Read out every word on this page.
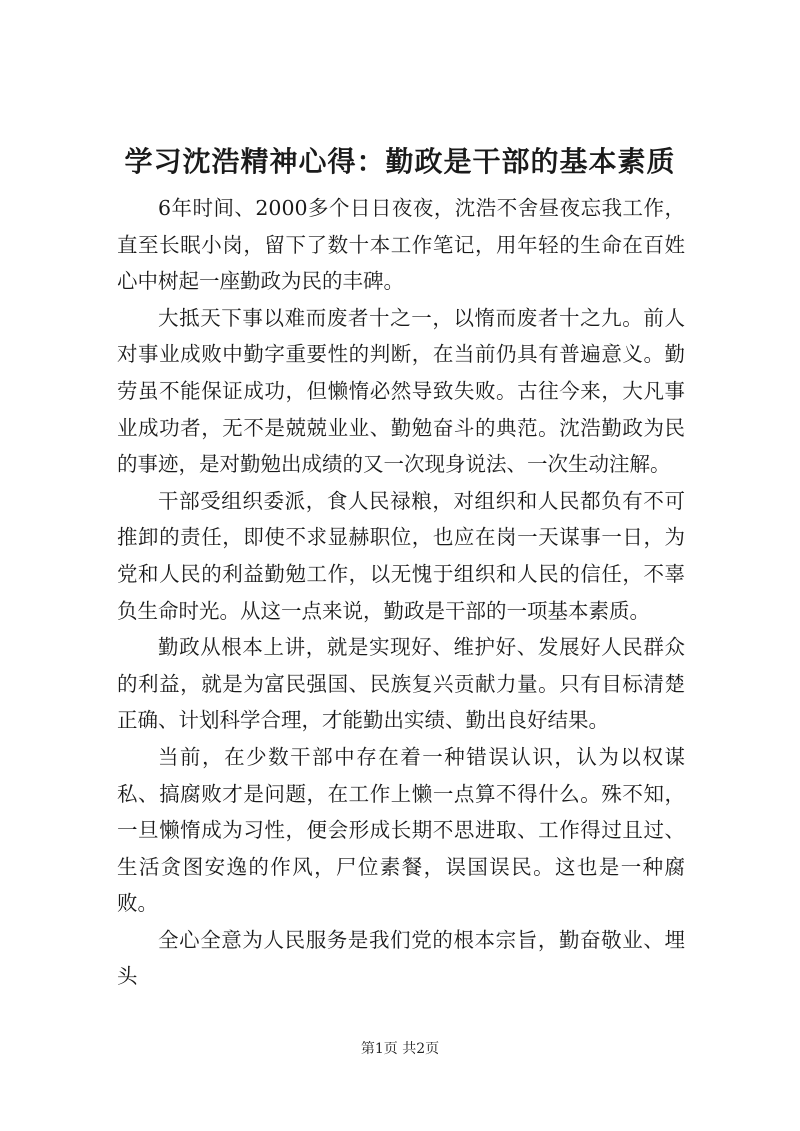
学习沈浩精神心得：勤政是干部的基本素质

6年时间、2000多个日日夜夜，沈浩不舍昼夜忘我工作，直至长眠小岗，留下了数十本工作笔记，用年轻的生命在百姓心中树起一座勤政为民的丰碑。

大抵天下事以难而废者十之一，以惰而废者十之九。前人对事业成败中勤字重要性的判断，在当前仍具有普遍意义。勤劳虽不能保证成功，但懒惰必然导致失败。古往今来，大凡事业成功者，无不是兢兢业业、勤勉奋斗的典范。沈浩勤政为民的事迹，是对勤勉出成绩的又一次现身说法、一次生动注解。

干部受组织委派，食人民禄粮，对组织和人民都负有不可推卸的责任，即使不求显赫职位，也应在岗一天谋事一日，为党和人民的利益勤勉工作，以无愧于组织和人民的信任，不辜负生命时光。从这一点来说，勤政是干部的一项基本素质。

勤政从根本上讲，就是实现好、维护好、发展好人民群众的利益，就是为富民强国、民族复兴贡献力量。只有目标清楚正确、计划科学合理，才能勤出实绩、勤出良好结果。

当前，在少数干部中存在着一种错误认识，认为以权谋私、搞腐败才是问题，在工作上懒一点算不得什么。殊不知，一旦懒惰成为习性，便会形成长期不思进取、工作得过且过、生活贪图安逸的作风，尸位素餐，误国误民。这也是一种腐败。

全心全意为人民服务是我们党的根本宗旨，勤奋敬业、埋头

第1页 共2页
